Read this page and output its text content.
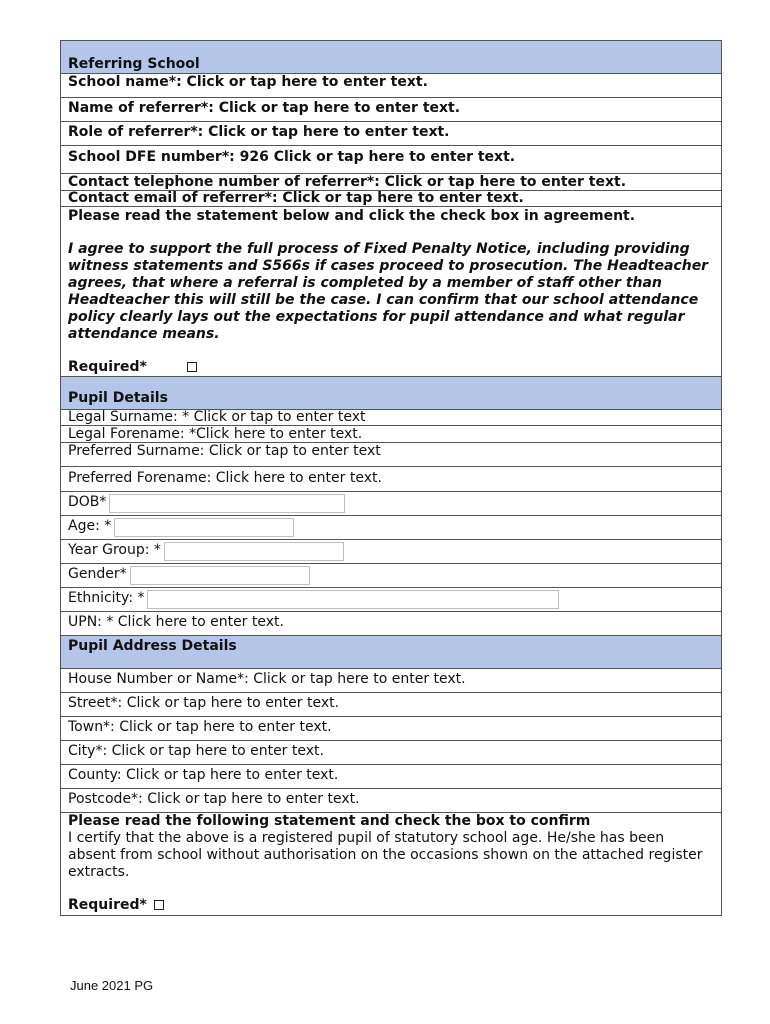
Referring School
School name*: Click or tap here to enter text.
Name of referrer*: Click or tap here to enter text.
Role of referrer*: Click or tap here to enter text.
School DFE number*: 926 Click or tap here to enter text.
Contact telephone number of referrer*: Click or tap here to enter text.
Contact email of referrer*: Click or tap here to enter text.
Please read the statement below and click the check box in agreement.
I agree to support the full process of Fixed Penalty Notice, including providing witness statements and S566s if cases proceed to prosecution. The Headteacher agrees, that where a referral is completed by a member of staff other than Headteacher this will still be the case. I can confirm that our school attendance policy clearly lays out the expectations for pupil attendance and what regular attendance means.
Required*
Pupil Details
Legal Surname: * Click or tap to enter text
Legal Forename: *Click here to enter text.
Preferred Surname: Click or tap to enter text
Preferred Forename: Click here to enter text.
DOB*
Age: *
Year Group: *
Gender*
Ethnicity: *
UPN: * Click here to enter text.
Pupil Address Details
House Number or Name*: Click or tap here to enter text.
Street*: Click or tap here to enter text.
Town*: Click or tap here to enter text.
City*: Click or tap here to enter text.
County: Click or tap here to enter text.
Postcode*: Click or tap here to enter text.
Please read the following statement and check the box to confirm
I certify that the above is a registered pupil of statutory school age. He/she has been absent from school without authorisation on the occasions shown on the attached register extracts.
Required*
June 2021 PG
